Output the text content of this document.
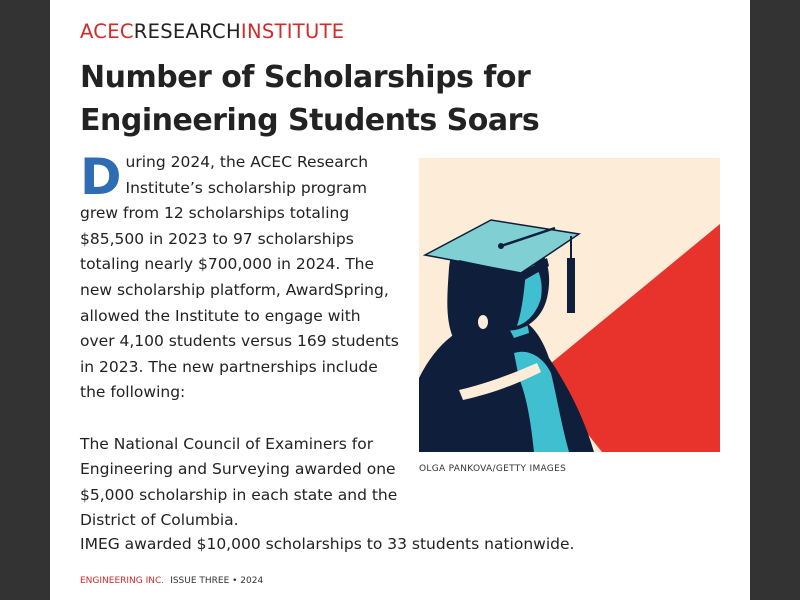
ACECRESEARCHINSTITUTE
Number of Scholarships for Engineering Students Soars

During 2024, the ACEC Research Institute’s scholarship program grew from 12 scholarships totaling $85,500 in 2023 to 97 scholarships totaling nearly $700,000 in 2024. The new scholarship platform, AwardSpring, allowed the Institute to engage with over 4,100 students versus 169 students in 2023. The new partnerships include the following:

The National Council of Examiners for Engineering and Surveying awarded one $5,000 scholarship in each state and the District of Columbia.

IMEG awarded $10,000 scholarships to 33 students nationwide.

OLGA PANKOVA/GETTY IMAGES
ENGINEERING INC. ISSUE THREE • 2024
